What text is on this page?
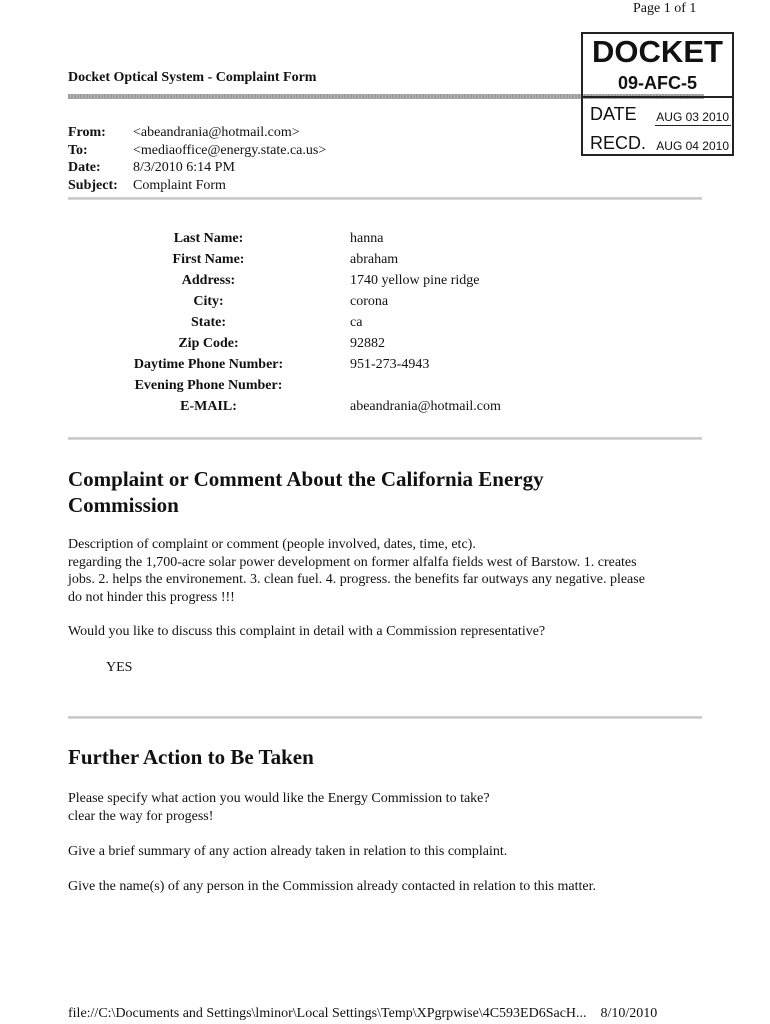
Page 1 of 1
DOCKET
09-AFC-5
DATE AUG 03 2010
RECD. AUG 04 2010
Docket Optical System - Complaint Form
From:	<abeandrania@hotmail.com>
To:	<mediaoffice@energy.state.ca.us>
Date:	8/3/2010 6:14 PM
Subject:	Complaint Form
Last Name:	hanna
First Name:	abraham
Address:	1740 yellow pine ridge
City:	corona
State:	ca
Zip Code:	92882
Daytime Phone Number:	951-273-4943
Evening Phone Number:
E-MAIL:	abeandrania@hotmail.com
Complaint or Comment About the California Energy
Commission
Description of complaint or comment (people involved, dates, time, etc).
regarding the 1,700-acre solar power development on former alfalfa fields west of Barstow. 1. creates
jobs. 2. helps the environement. 3. clean fuel. 4. progress. the benefits far outways any negative. please
do not hinder this progress !!!
Would you like to discuss this complaint in detail with a Commission representative?
YES
Further Action to Be Taken
Please specify what action you would like the Energy Commission to take?
clear the way for progess!
Give a brief summary of any action already taken in relation to this complaint.
Give the name(s) of any person in the Commission already contacted in relation to this matter.
file://C:\Documents and Settings\lminor\Local Settings\Temp\XPgrpwise\4C593ED6SacH... 8/10/2010
